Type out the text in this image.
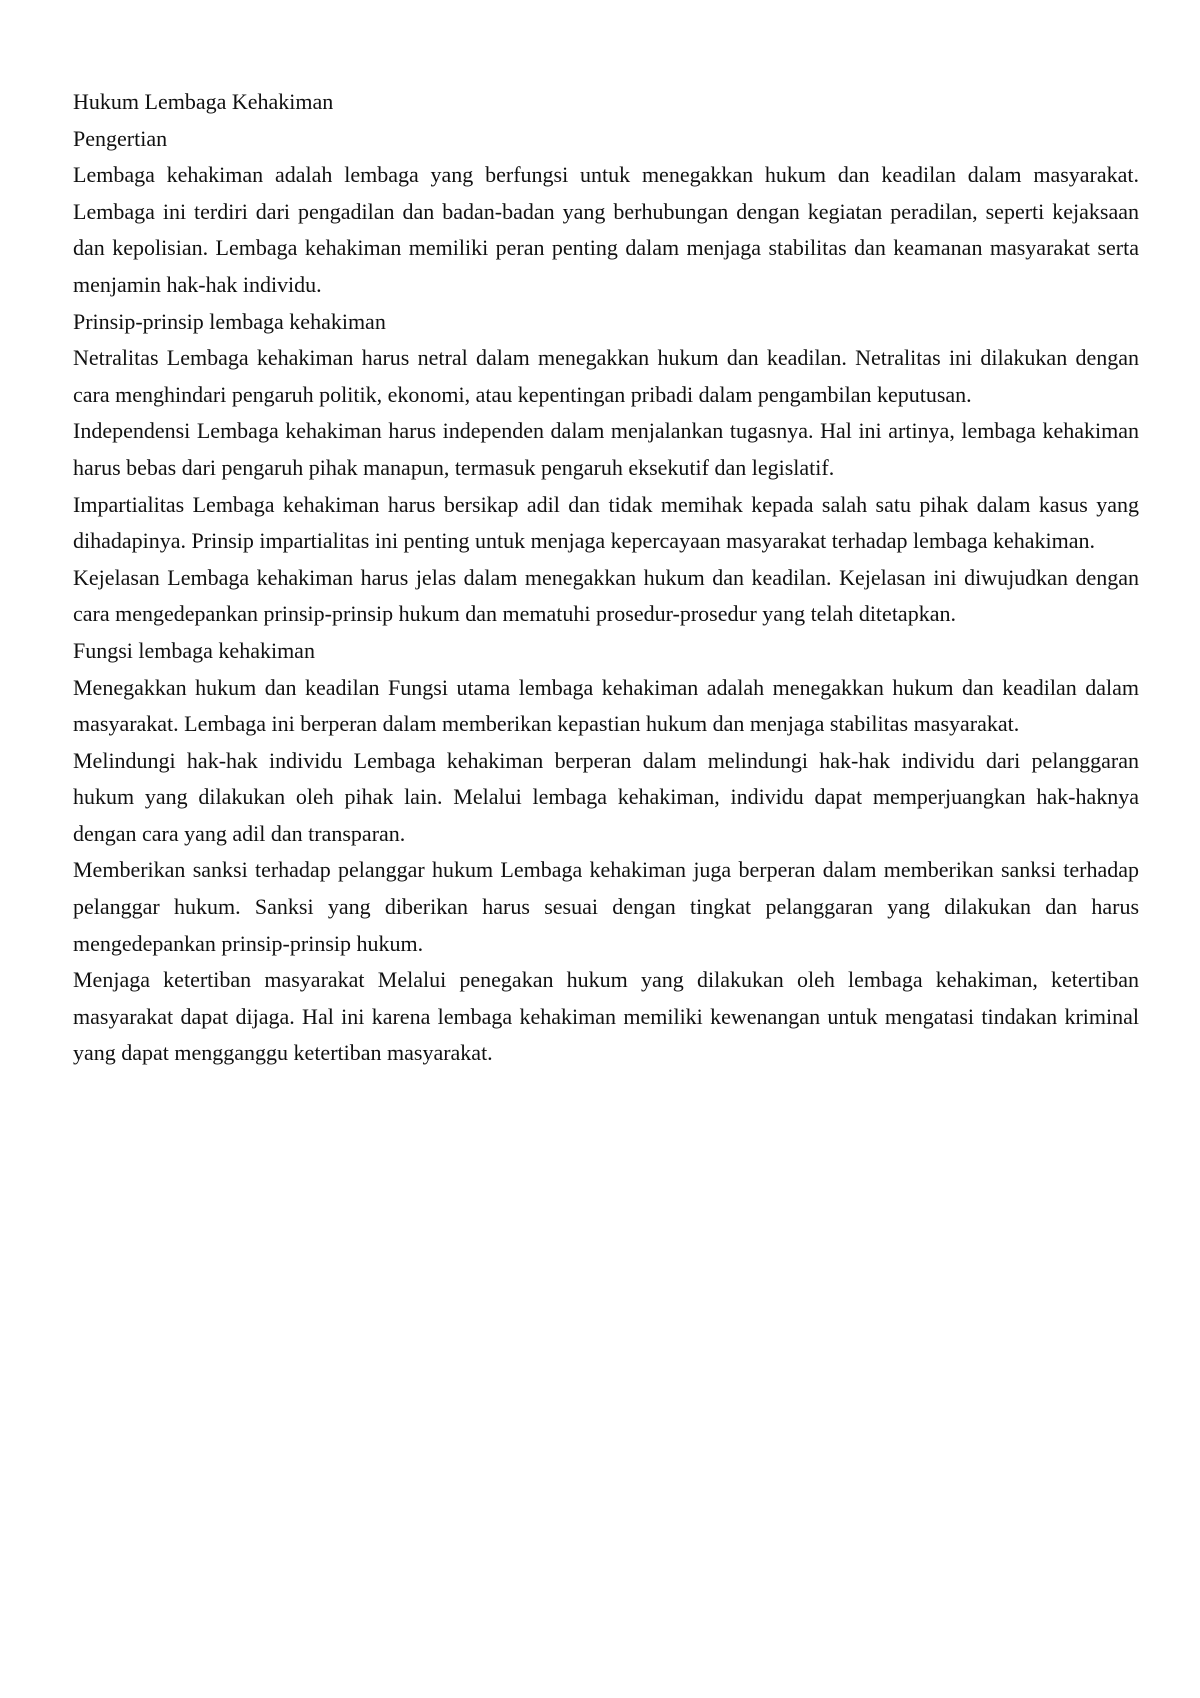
Hukum Lembaga Kehakiman

Pengertian

Lembaga kehakiman adalah lembaga yang berfungsi untuk menegakkan hukum dan keadilan dalam masyarakat. Lembaga ini terdiri dari pengadilan dan badan-badan yang berhubungan dengan kegiatan peradilan, seperti kejaksaan dan kepolisian. Lembaga kehakiman memiliki peran penting dalam menjaga stabilitas dan keamanan masyarakat serta menjamin hak-hak individu.

Prinsip-prinsip lembaga kehakiman

Netralitas Lembaga kehakiman harus netral dalam menegakkan hukum dan keadilan. Netralitas ini dilakukan dengan cara menghindari pengaruh politik, ekonomi, atau kepentingan pribadi dalam pengambilan keputusan.

Independensi Lembaga kehakiman harus independen dalam menjalankan tugasnya. Hal ini artinya, lembaga kehakiman harus bebas dari pengaruh pihak manapun, termasuk pengaruh eksekutif dan legislatif.

Impartialitas Lembaga kehakiman harus bersikap adil dan tidak memihak kepada salah satu pihak dalam kasus yang dihadapinya. Prinsip impartialitas ini penting untuk menjaga kepercayaan masyarakat terhadap lembaga kehakiman.

Kejelasan Lembaga kehakiman harus jelas dalam menegakkan hukum dan keadilan. Kejelasan ini diwujudkan dengan cara mengedepankan prinsip-prinsip hukum dan mematuhi prosedur-prosedur yang telah ditetapkan.

Fungsi lembaga kehakiman

Menegakkan hukum dan keadilan Fungsi utama lembaga kehakiman adalah menegakkan hukum dan keadilan dalam masyarakat. Lembaga ini berperan dalam memberikan kepastian hukum dan menjaga stabilitas masyarakat.

Melindungi hak-hak individu Lembaga kehakiman berperan dalam melindungi hak-hak individu dari pelanggaran hukum yang dilakukan oleh pihak lain. Melalui lembaga kehakiman, individu dapat memperjuangkan hak-haknya dengan cara yang adil dan transparan.

Memberikan sanksi terhadap pelanggar hukum Lembaga kehakiman juga berperan dalam memberikan sanksi terhadap pelanggar hukum. Sanksi yang diberikan harus sesuai dengan tingkat pelanggaran yang dilakukan dan harus mengedepankan prinsip-prinsip hukum.

Menjaga ketertiban masyarakat Melalui penegakan hukum yang dilakukan oleh lembaga kehakiman, ketertiban masyarakat dapat dijaga. Hal ini karena lembaga kehakiman memiliki kewenangan untuk mengatasi tindakan kriminal yang dapat mengganggu ketertiban masyarakat.
